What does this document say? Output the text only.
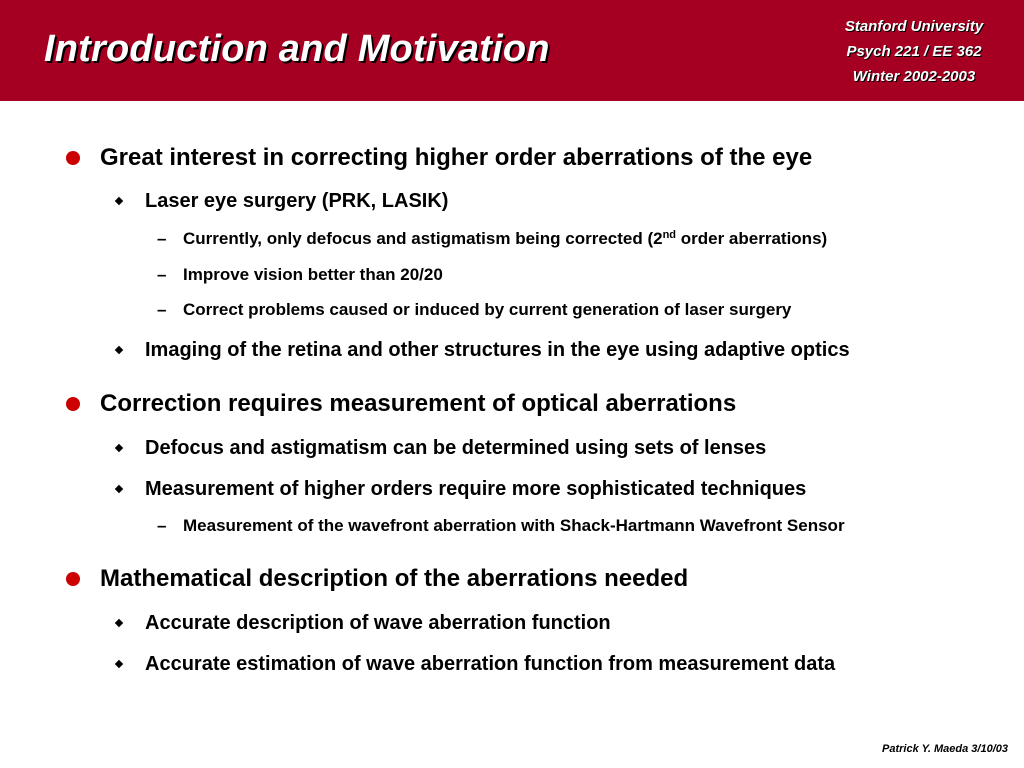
Introduction and Motivation
Stanford University
Psych 221 / EE 362
Winter 2002-2003
Great interest in correcting higher order aberrations of the eye
Laser eye surgery (PRK, LASIK)
– Currently, only defocus and astigmatism being corrected (2nd order aberrations)
– Improve vision better than 20/20
– Correct problems caused or induced by current generation of laser surgery
Imaging of the retina and other structures in the eye using adaptive optics
Correction requires measurement of optical aberrations
Defocus and astigmatism can be determined using sets of lenses
Measurement of higher orders require more sophisticated techniques
– Measurement of the wavefront aberration with Shack-Hartmann Wavefront Sensor
Mathematical description of the aberrations needed
Accurate description of wave aberration function
Accurate estimation of wave aberration function from measurement data
Patrick Y. Maeda 3/10/03
